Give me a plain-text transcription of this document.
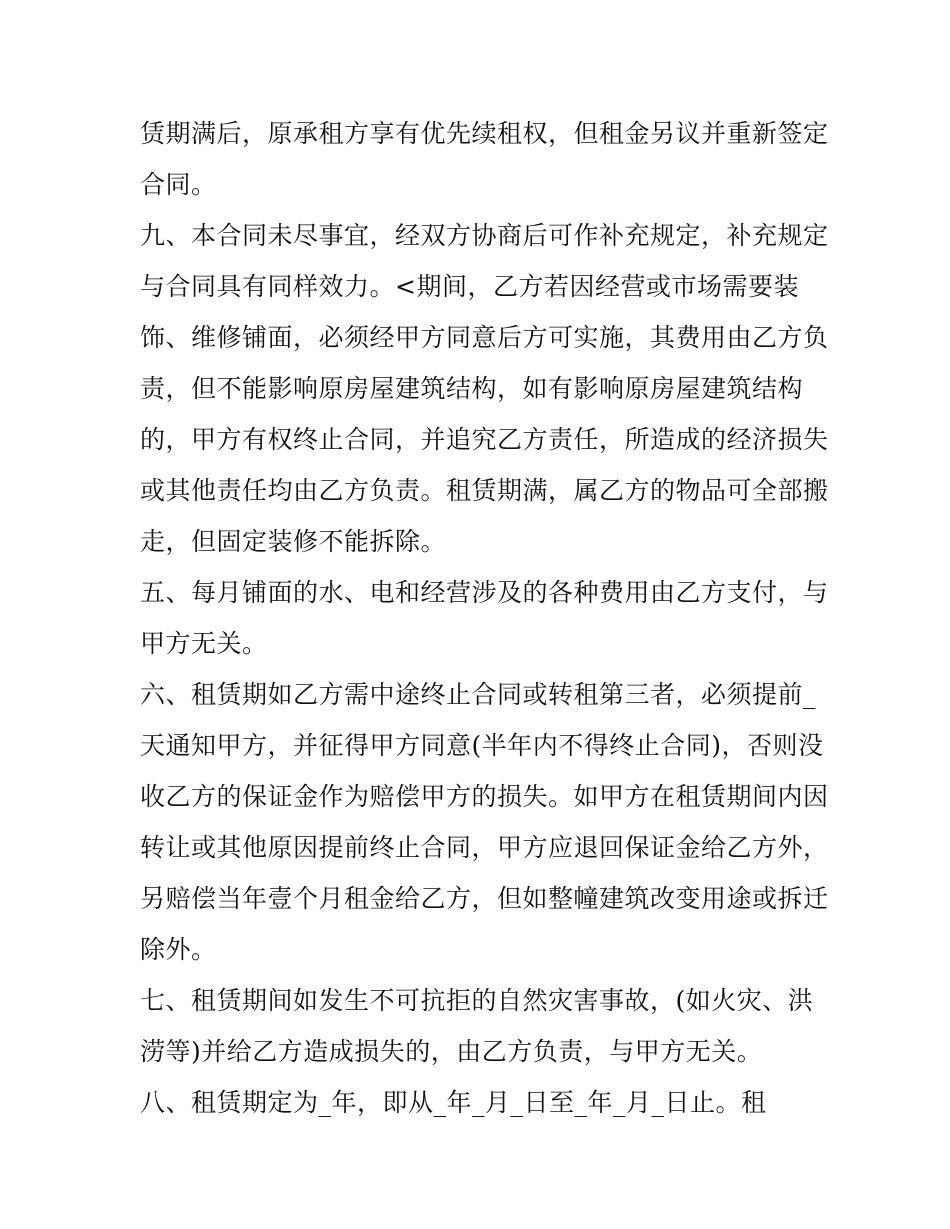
赁期满后，原承租方享有优先续租权，但租金另议并重新签定
合同。
九、本合同未尽事宜，经双方协商后可作补充规定，补充规定
与合同具有同样效力。<期间，乙方若因经营或市场需要装
饰、维修铺面，必须经甲方同意后方可实施，其费用由乙方负
责，但不能影响原房屋建筑结构，如有影响原房屋建筑结构
的，甲方有权终止合同，并追究乙方责任，所造成的经济损失
或其他责任均由乙方负责。租赁期满，属乙方的物品可全部搬
走，但固定装修不能拆除。
五、每月铺面的水、电和经营涉及的各种费用由乙方支付，与
甲方无关。
六、租赁期如乙方需中途终止合同或转租第三者，必须提前_
天通知甲方，并征得甲方同意(半年内不得终止合同)，否则没
收乙方的保证金作为赔偿甲方的损失。如甲方在租赁期间内因
转让或其他原因提前终止合同，甲方应退回保证金给乙方外，
另赔偿当年壹个月租金给乙方，但如整幢建筑改变用途或拆迁
除外。
七、租赁期间如发生不可抗拒的自然灾害事故，(如火灾、洪
涝等)并给乙方造成损失的，由乙方负责，与甲方无关。
八、租赁期定为_年，即从_年_月_日至_年_月_日止。租
